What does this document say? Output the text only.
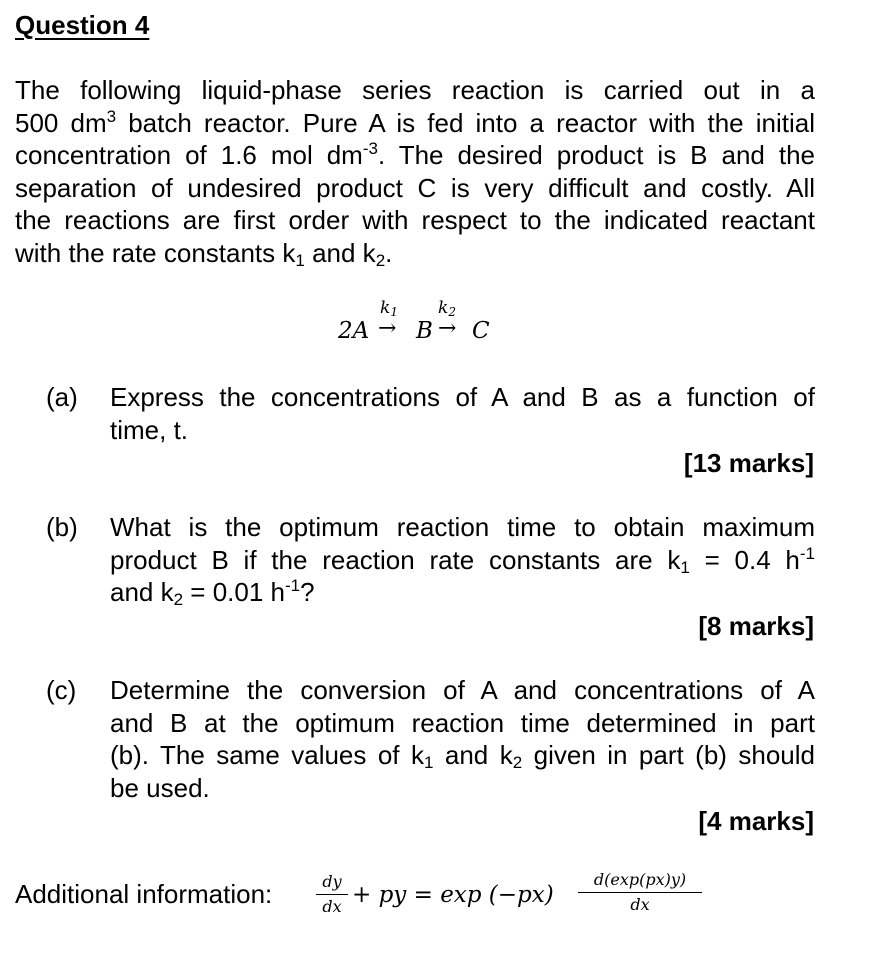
Question 4
The following liquid-phase series reaction is carried out in a
500 $dm^3$ batch reactor. Pure A is fed into a reactor with the initial
concentration of 1.6 mol $dm^{-3}$. The desired product is B and the
separation of undesired product C is very difficult and costly. All
the reactions are first order with respect to the indicated reactant
with the rate constants $k_1$ and $k_2$.
2A
$k_1$
→ B
$k_2$
→ C
(a) Express the concentrations of A and B as a function of
time, t.
[13 marks]
(b) What is the optimum reaction time to obtain maximum
product B if the reaction rate constants are $k_1 = 0.4$ $h^{-1}$
and $k_2 = 0.01$ $h^{-1}$?
[8 marks]
(c) Determine the conversion of A and concentrations of A
and B at the optimum reaction time determined in part
(b). The same values of $k_1$ and $k_2$ given in part (b) should
be used.
[4 marks]
Additional information:	dy
dx + py = exp (−px)
d(exp(px)y)
dx
